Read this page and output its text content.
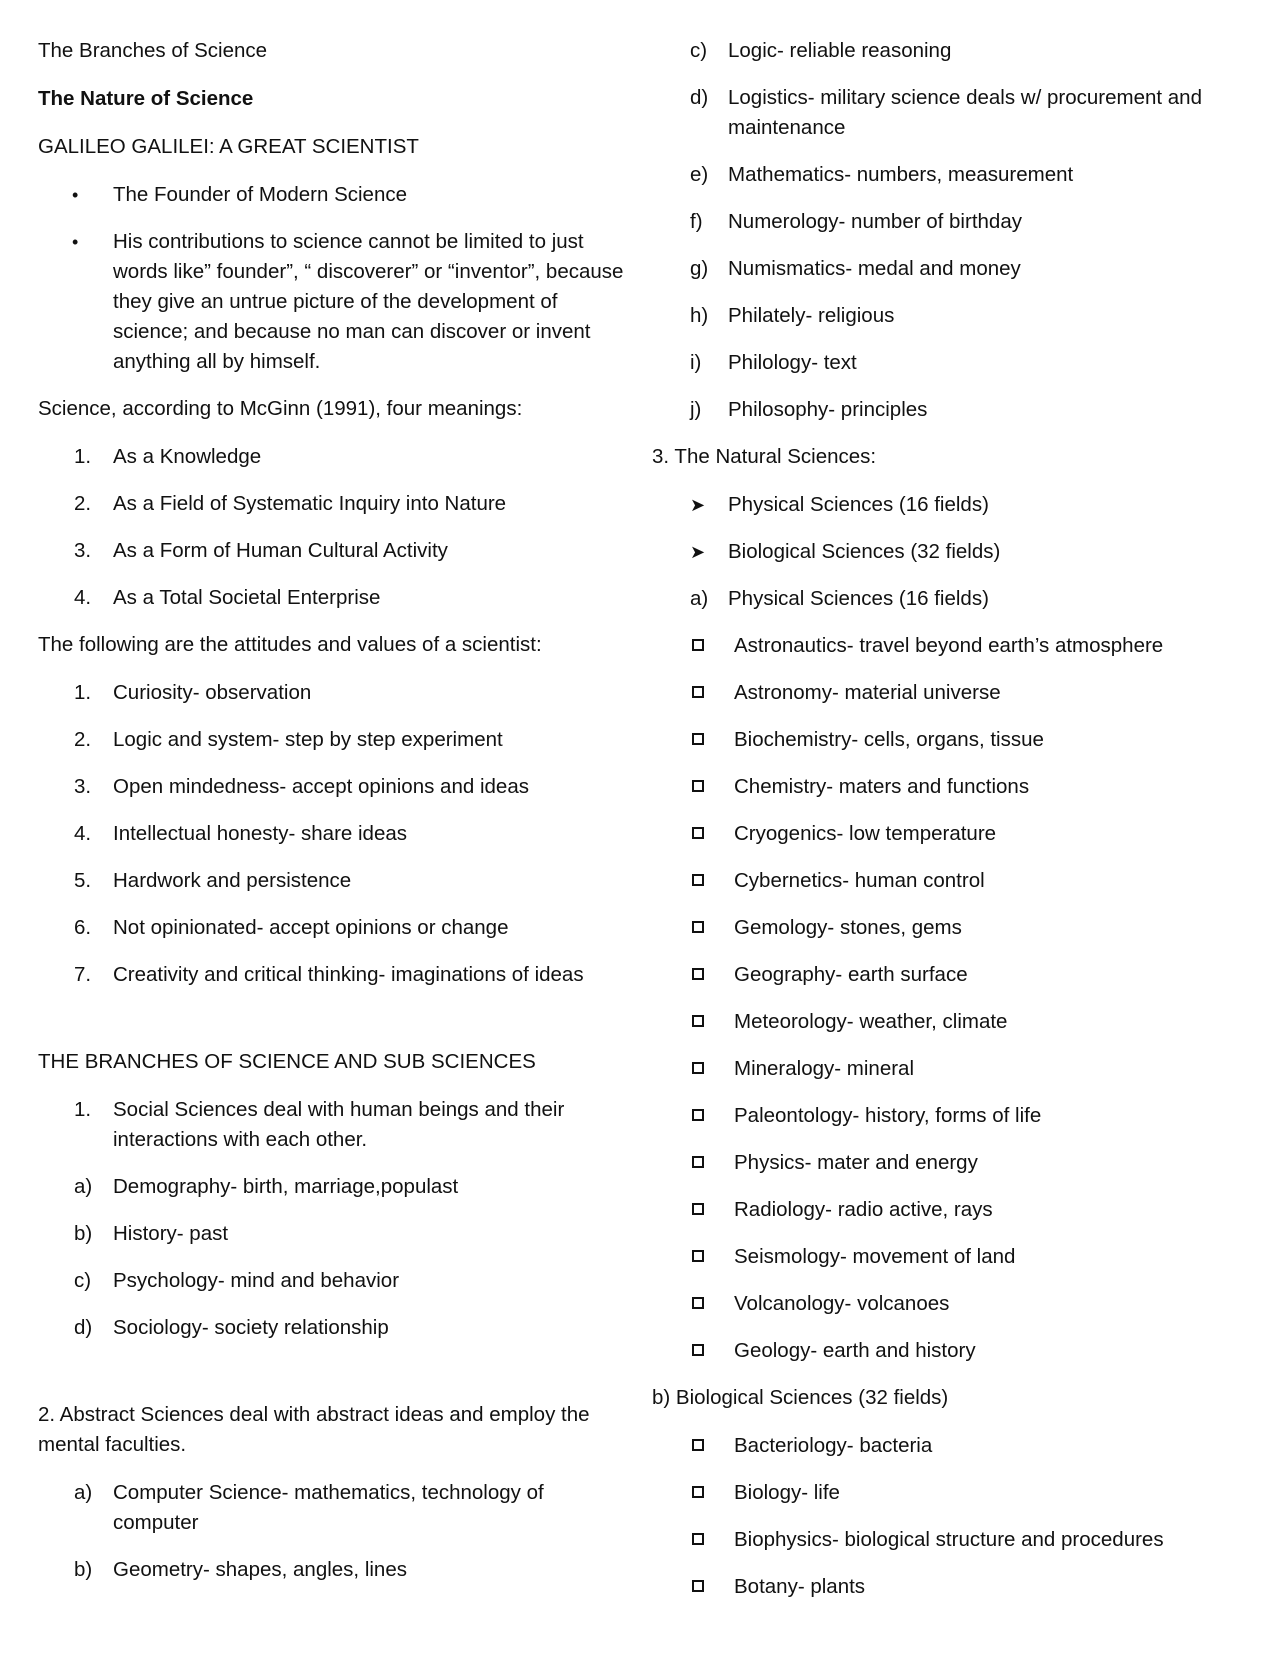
The Branches of Science

The Nature of Science

GALILEO GALILEI: A GREAT SCIENTIST

•	The Founder of Modern Science
•	His contributions to science cannot be limited to just words like” founder”, “ discoverer” or “inventor”, because they give an untrue picture of the development of science; and because no man can discover or invent anything all by himself.

Science, according to McGinn (1991), four meanings:

1.	As a Knowledge
2.	As a Field of Systematic Inquiry into Nature
3.	As a Form of Human Cultural Activity
4.	As a Total Societal Enterprise

The following are the attitudes and values of a scientist:

1.	Curiosity- observation
2.	Logic and system- step by step experiment
3.	Open mindedness- accept opinions and ideas
4.	Intellectual honesty- share ideas
5.	Hardwork and persistence
6.	Not opinionated- accept opinions or change
7.	Creativity and critical thinking- imaginations of ideas

THE BRANCHES OF SCIENCE AND SUB SCIENCES

1.	Social Sciences deal with human beings and their interactions with each other.
a)	Demography- birth, marriage,populast
b)	History- past
c)	Psychology- mind and behavior
d)	Sociology- society relationship

2. Abstract Sciences deal with abstract ideas and employ the mental faculties.

a)	Computer Science- mathematics, technology of computer
b)	Geometry- shapes, angles, lines
c) Logic- reliable reasoning
d) Logistics- military science deals w/ procurement and maintenance
e) Mathematics- numbers, measurement
f) Numerology- number of birthday
g) Numismatics- medal and money
h) Philately- religious
i) Philology- text
j) Philosophy- principles

3. The Natural Sciences:

➤ Physical Sciences (16 fields)
➤ Biological Sciences (32 fields)
a) Physical Sciences (16 fields)
Astronautics- travel beyond earth’s atmosphere
Astronomy- material universe
Biochemistry- cells, organs, tissue
Chemistry- maters and functions
Cryogenics- low temperature
Cybernetics- human control
Gemology- stones, gems
Geography- earth surface
Meteorology- weather, climate
Mineralogy- mineral
Paleontology- history, forms of life
Physics- mater and energy
Radiology- radio active, rays
Seismology- movement of land
Volcanology- volcanoes
Geology- earth and history

b) Biological Sciences (32 fields)

Bacteriology- bacteria
Biology- life
Biophysics- biological structure and procedures
Botany- plants
